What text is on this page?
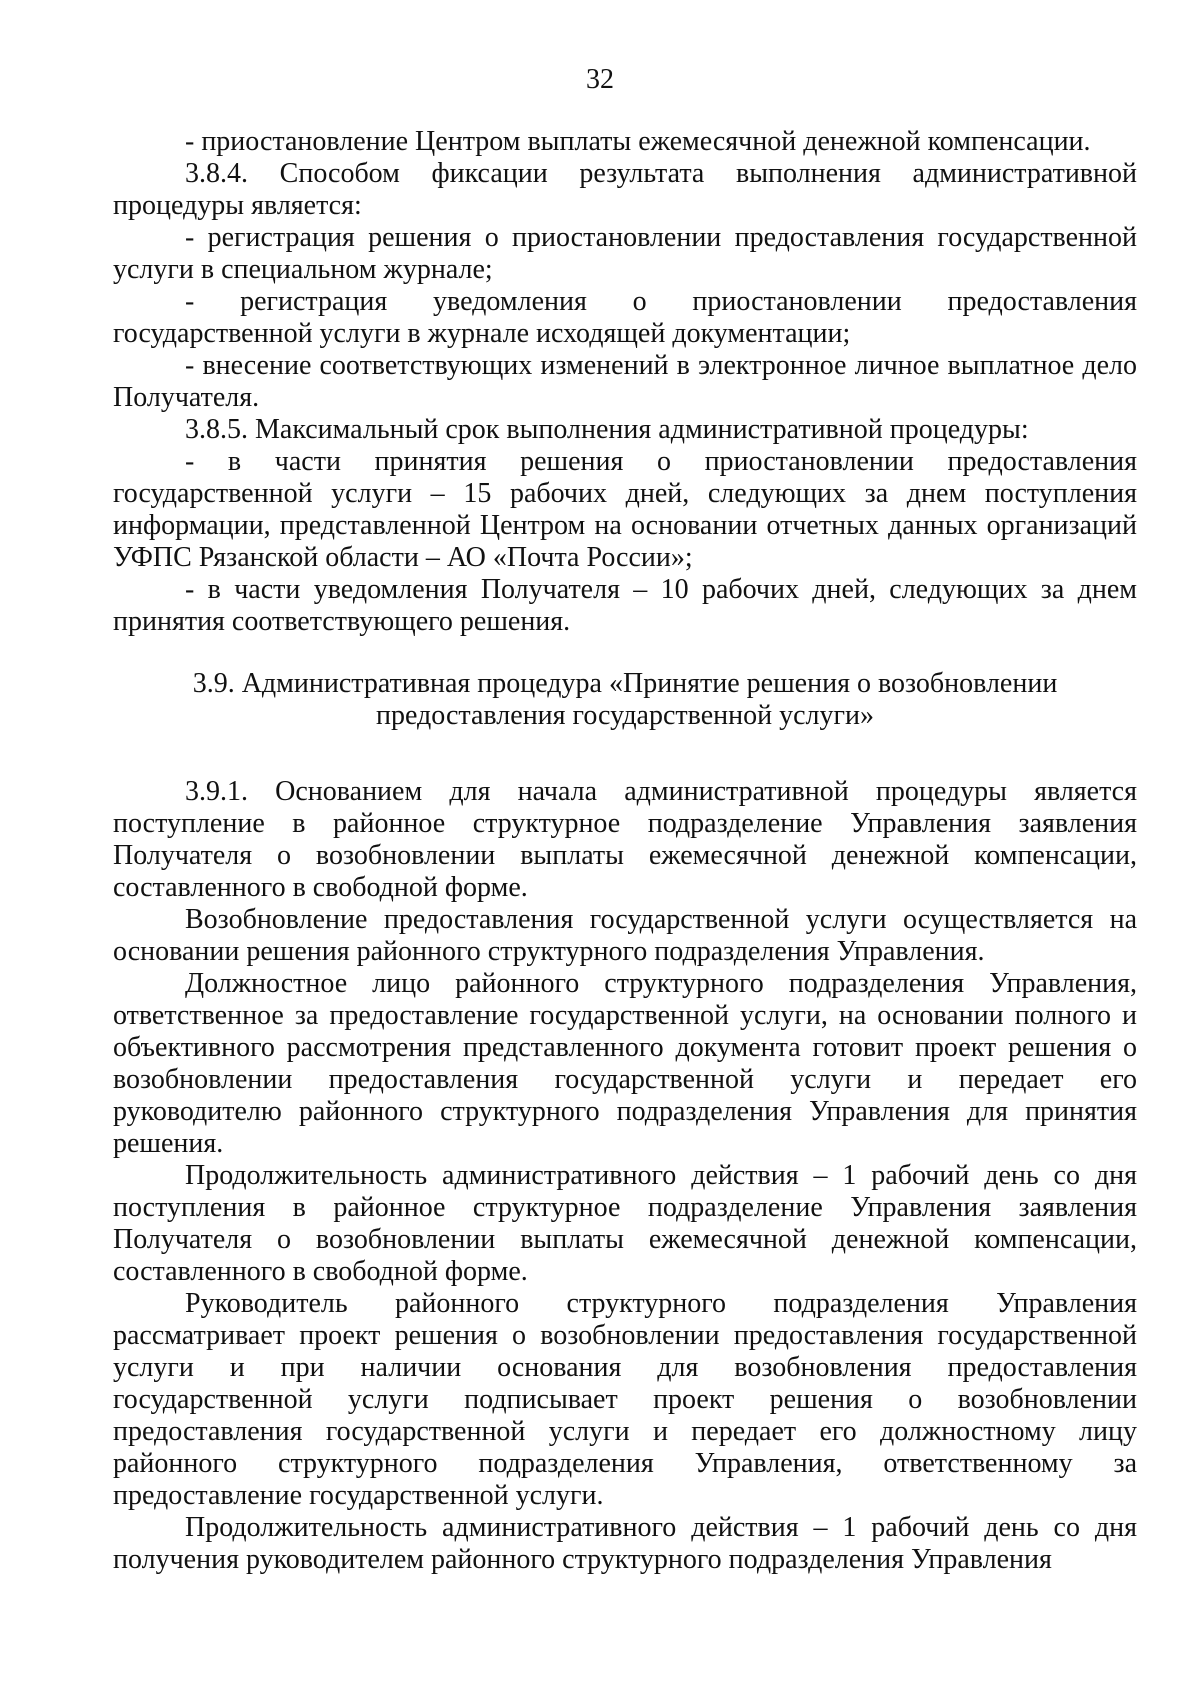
32

- приостановление Центром выплаты ежемесячной денежной компенсации.

3.8.4. Способом фиксации результата выполнения административной процедуры является:

- регистрация решения о приостановлении предоставления государственной услуги в специальном журнале;

- регистрация уведомления о приостановлении предоставления государственной услуги в журнале исходящей документации;

- внесение соответствующих изменений в электронное личное выплатное дело Получателя.

3.8.5. Максимальный срок выполнения административной процедуры:

- в части принятия решения о приостановлении предоставления государственной услуги – 15 рабочих дней, следующих за днем поступления информации, представленной Центром на основании отчетных данных организаций УФПС Рязанской области – АО «Почта России»;

- в части уведомления Получателя – 10 рабочих дней, следующих за днем принятия соответствующего решения.

3.9. Административная процедура «Принятие решения о возобновлении
предоставления государственной услуги»

3.9.1. Основанием для начала административной процедуры является поступление в районное структурное подразделение Управления заявления Получателя о возобновлении выплаты ежемесячной денежной компенсации, составленного в свободной форме.

Возобновление предоставления государственной услуги осуществляется на основании решения районного структурного подразделения Управления.

Должностное лицо районного структурного подразделения Управления, ответственное за предоставление государственной услуги, на основании полного и объективного рассмотрения представленного документа готовит проект решения о возобновлении предоставления государственной услуги и передает его руководителю районного структурного подразделения Управления для принятия решения.

Продолжительность административного действия – 1 рабочий день со дня поступления в районное структурное подразделение Управления заявления Получателя о возобновлении выплаты ежемесячной денежной компенсации, составленного в свободной форме.

Руководитель районного структурного подразделения Управления рассматривает проект решения о возобновлении предоставления государственной услуги и при наличии основания для возобновления предоставления государственной услуги подписывает проект решения о возобновлении предоставления государственной услуги и передает его должностному лицу районного структурного подразделения Управления, ответственному за предоставление государственной услуги.

Продолжительность административного действия – 1 рабочий день со дня получения руководителем районного структурного подразделения Управления
